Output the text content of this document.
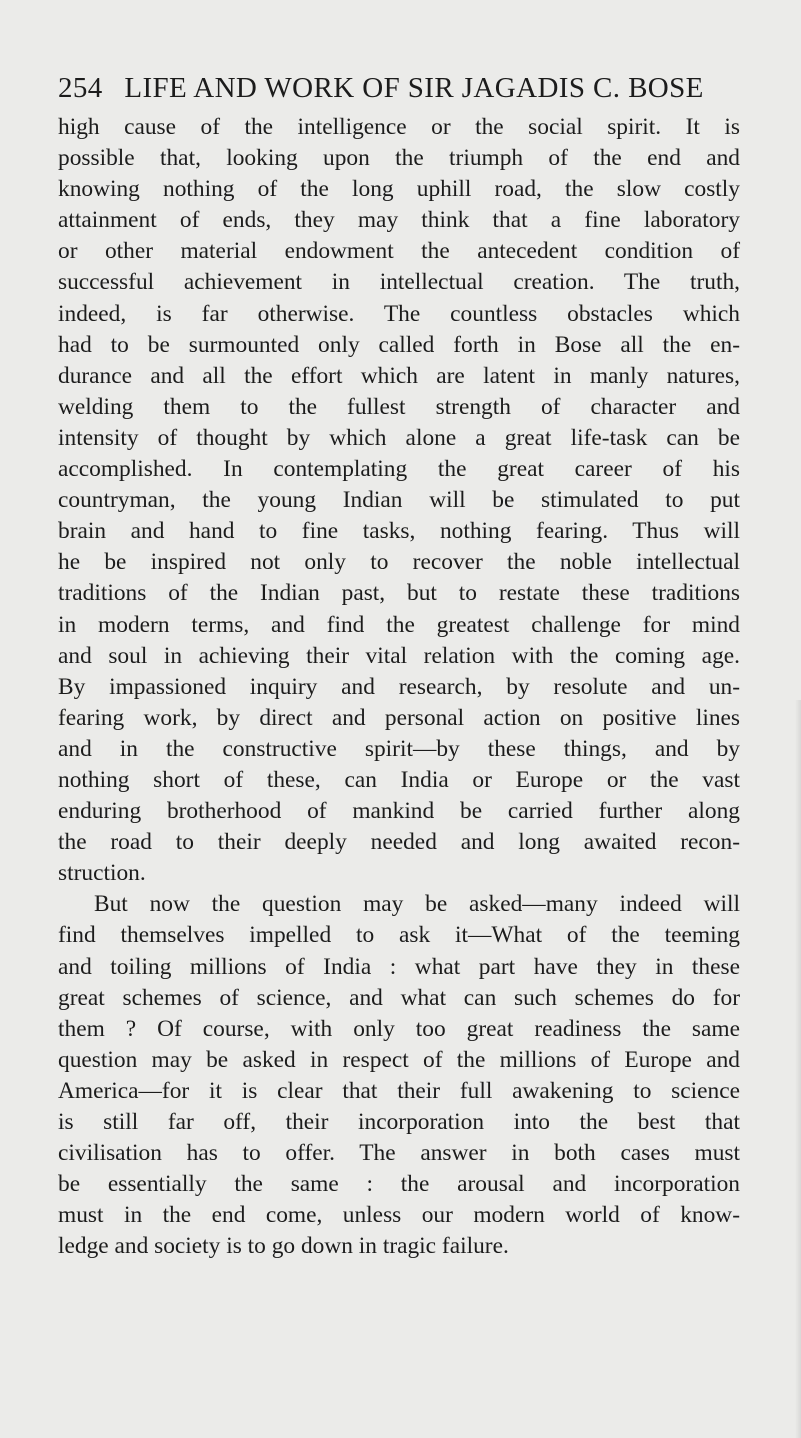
254 LIFE AND WORK OF SIR JAGADIS C. BOSE
high cause of the intelligence or the social spirit. It is
possible that, looking upon the triumph of the end and
knowing nothing of the long uphill road, the slow costly
attainment of ends, they may think that a fine laboratory
or other material endowment the antecedent condition of
successful achievement in intellectual creation. The truth,
indeed, is far otherwise. The countless obstacles which
had to be surmounted only called forth in Bose all the en-
durance and all the effort which are latent in manly natures,
welding them to the fullest strength of character and
intensity of thought by which alone a great life-task can be
accomplished. In contemplating the great career of his
countryman, the young Indian will be stimulated to put
brain and hand to fine tasks, nothing fearing. Thus will
he be inspired not only to recover the noble intellectual
traditions of the Indian past, but to restate these traditions
in modern terms, and find the greatest challenge for mind
and soul in achieving their vital relation with the coming age.
By impassioned inquiry and research, by resolute and un-
fearing work, by direct and personal action on positive lines
and in the constructive spirit—by these things, and by
nothing short of these, can India or Europe or the vast
enduring brotherhood of mankind be carried further along
the road to their deeply needed and long awaited recon-
struction.
But now the question may be asked—many indeed will
find themselves impelled to ask it—What of the teeming
and toiling millions of India : what part have they in these
great schemes of science, and what can such schemes do for
them ? Of course, with only too great readiness the same
question may be asked in respect of the millions of Europe and
America—for it is clear that their full awakening to science
is still far off, their incorporation into the best that
civilisation has to offer. The answer in both cases must
be essentially the same : the arousal and incorporation
must in the end come, unless our modern world of know-
ledge and society is to go down in tragic failure.
